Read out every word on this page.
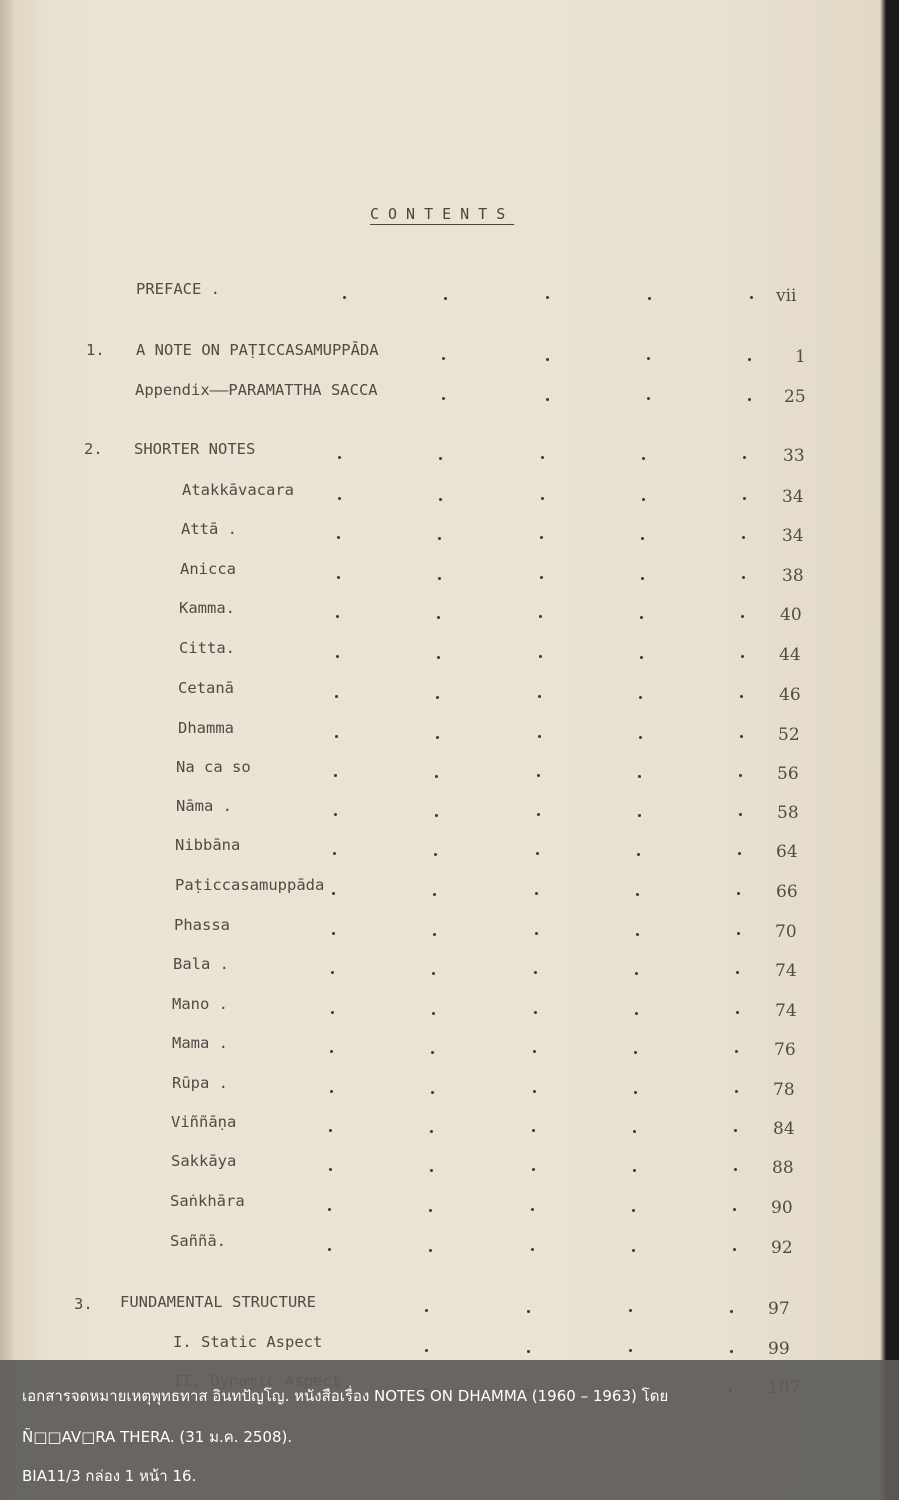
CONTENTS
PREFACE .	vii
1. A NOTE ON PAṬICCASAMUPPĀDA	1
Appendix——PARAMATTHA SACCA	25
2. SHORTER NOTES	33
Atakkāvacara	34
Attā .	34
Anicca	38
Kamma.	40
Citta.	44
Cetanā	46
Dhamma	52
Na ca so	56
Nāma .	58
Nibbāna	64
Paṭiccasamuppāda	66
Phassa	70
Bala .	74
Mano .	74
Mama .	76
Rūpa .	78
Viññāṇa	84
Sakkāya	88
Saṅkhāra	90
Saññā.	92
3. FUNDAMENTAL STRUCTURE	97
I. Static Aspect	99
เอกสารจดหมายเหตุพุทธทาส อินทปัญโญ. หนังสือเรื่อง NOTES ON DHAMMA (1960 – 1963) โดย
Ñ□□AV□RA THERA. (31 ม.ค. 2508).
BIA11/3 กล่อง 1 หน้า 16.
